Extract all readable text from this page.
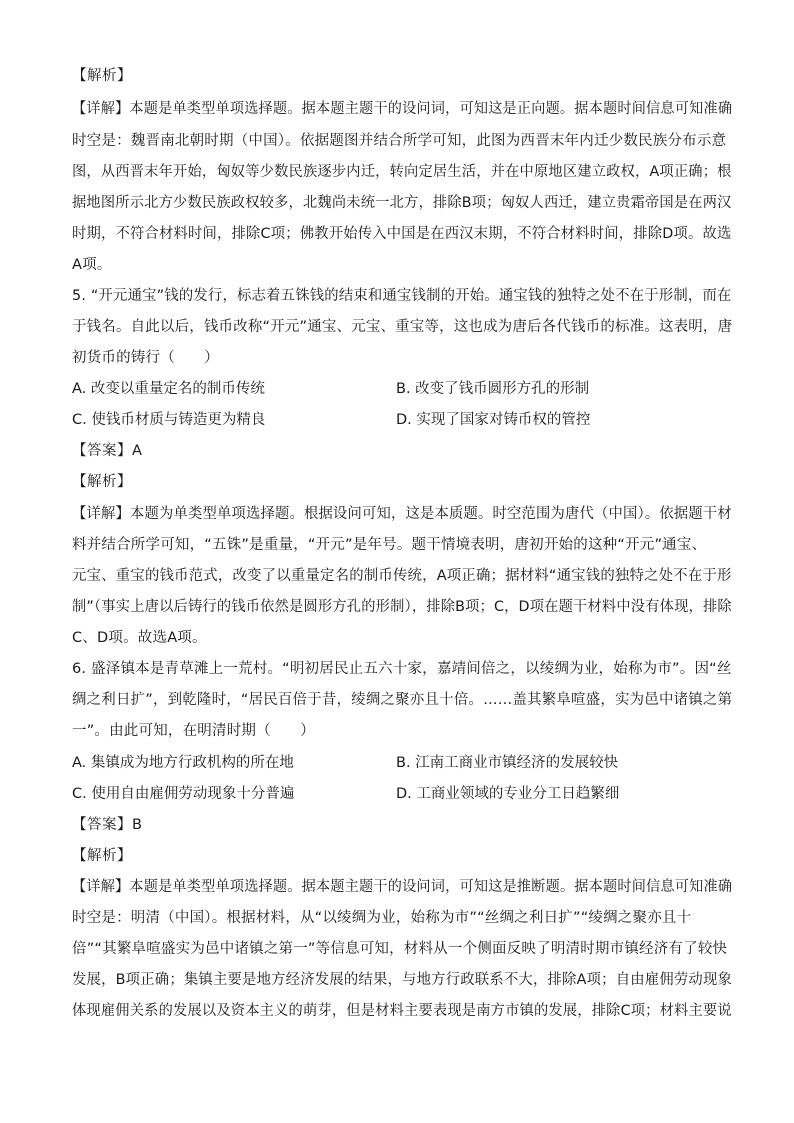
【解析】
【详解】本题是单类型单项选择题。据本题主题干的设问词，可知这是正向题。据本题时间信息可知准确
时空是：魏晋南北朝时期（中国）。依据题图并结合所学可知，此图为西晋末年内迁少数民族分布示意
图，从西晋末年开始，匈奴等少数民族逐步内迁，转向定居生活，并在中原地区建立政权，A项正确；根
据地图所示北方少数民族政权较多，北魏尚未统一北方，排除B项；匈奴人西迁，建立贵霜帝国是在两汉
时期，不符合材料时间，排除C项；佛教开始传入中国是在西汉末期，不符合材料时间，排除D项。故选
A项。
5. “开元通宝”钱的发行，标志着五铢钱的结束和通宝钱制的开始。通宝钱的独特之处不在于形制，而在
于钱名。自此以后，钱币改称“开元”通宝、元宝、重宝等，这也成为唐后各代钱币的标准。这表明，唐
初货币的铸行（　　）
A. 改变以重量定名的制币传统	B. 改变了钱币圆形方孔的形制
C. 使钱币材质与铸造更为精良	D. 实现了国家对铸币权的管控
【答案】A
【解析】
【详解】本题为单类型单项选择题。根据设问可知，这是本质题。时空范围为唐代（中国）。依据题干材
料并结合所学可知，“五铢”是重量，“开元”是年号。题干情境表明，唐初开始的这种“开元”通宝、
元宝、重宝的钱币范式，改变了以重量定名的制币传统，A项正确；据材料“通宝钱的独特之处不在于形
制”（事实上唐以后铸行的钱币依然是圆形方孔的形制），排除B项；C，D项在题干材料中没有体现，排除
C、D项。故选A项。
6. 盛泽镇本是青草滩上一荒村。“明初居民止五六十家，嘉靖间倍之，以绫绸为业，始称为市”。因“丝
绸之利日扩”，到乾隆时，“居民百倍于昔，绫绸之聚亦且十倍。……盖其繁阜喧盛，实为邑中诸镇之第
一”。由此可知，在明清时期（　　）
A. 集镇成为地方行政机构的所在地	B. 江南工商业市镇经济的发展较快
C. 使用自由雇佣劳动现象十分普遍	D. 工商业领域的专业分工日趋繁细
【答案】B
【解析】
【详解】本题是单类型单项选择题。据本题主题干的设问词，可知这是推断题。据本题时间信息可知准确
时空是：明清（中国）。根据材料，从“以绫绸为业，始称为市”“丝绸之利日扩”“绫绸之聚亦且十
倍”“其繁阜喧盛实为邑中诸镇之第一”等信息可知，材料从一个侧面反映了明清时期市镇经济有了较快
发展，B项正确；集镇主要是地方经济发展的结果，与地方行政联系不大，排除A项；自由雇佣劳动现象
体现雇佣关系的发展以及资本主义的萌芽，但是材料主要表现是南方市镇的发展，排除C项；材料主要说
